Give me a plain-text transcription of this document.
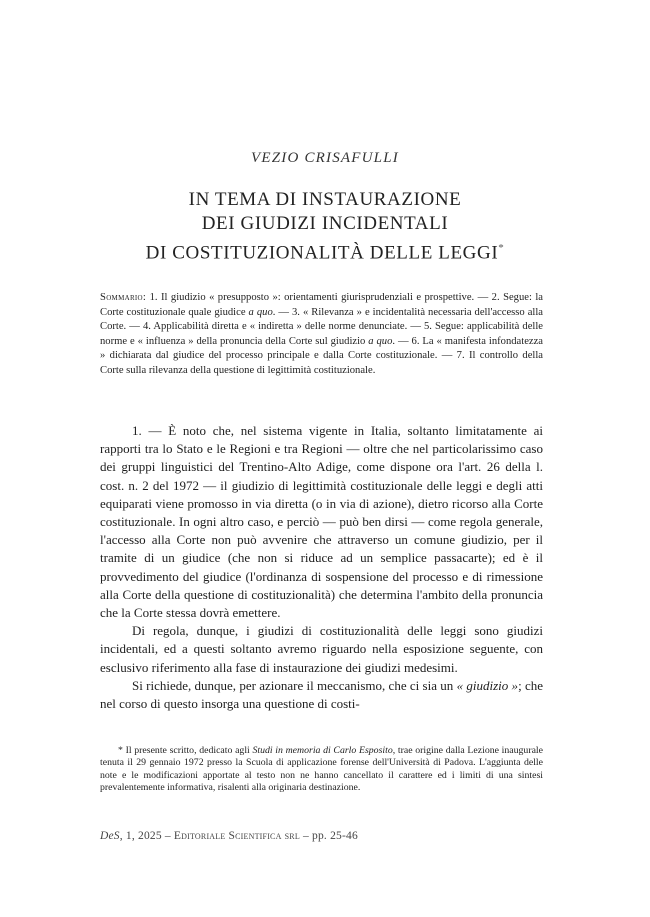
VEZIO CRISAFULLI
IN TEMA DI INSTAURAZIONE
DEI GIUDIZI INCIDENTALI
DI COSTITUZIONALITÀ DELLE LEGGI*
Sommario: 1. Il giudizio « presupposto »: orientamenti giurisprudenziali e prospettive. — 2. Segue: la Corte costituzionale quale giudice a quo. — 3. « Rilevanza » e incidentalità necessaria dell'accesso alla Corte. — 4. Applicabilità diretta e « indiretta » delle norme denunciate. — 5. Segue: applicabilità delle norme e « influenza » della pronuncia della Corte sul giudizio a quo. — 6. La « manifesta infondatezza » dichiarata dal giudice del processo principale e dalla Corte costituzionale. — 7. Il controllo della Corte sulla rilevanza della questione di legittimità costituzionale.

1. — È noto che, nel sistema vigente in Italia, soltanto limitatamente ai rapporti tra lo Stato e le Regioni e tra Regioni — oltre che nel particolarissimo caso dei gruppi linguistici del Trentino-Alto Adige, come dispone ora l'art. 26 della l. cost. n. 2 del 1972 — il giudizio di legittimità costituzionale delle leggi e degli atti equiparati viene promosso in via diretta (o in via di azione), dietro ricorso alla Corte costituzionale. In ogni altro caso, e perciò — può ben dirsi — come regola generale, l'accesso alla Corte non può avvenire che attraverso un comune giudizio, per il tramite di un giudice (che non si riduce ad un semplice passacarte); ed è il provvedimento del giudice (l'ordinanza di sospensione del processo e di rimessione alla Corte della questione di costituzionalità) che determina l'ambito della pronuncia che la Corte stessa dovrà emettere.

Di regola, dunque, i giudizi di costituzionalità delle leggi sono giudizi incidentali, ed a questi soltanto avremo riguardo nella esposizione seguente, con esclusivo riferimento alla fase di instaurazione dei giudizi medesimi.

Si richiede, dunque, per azionare il meccanismo, che ci sia un « giudizio »; che nel corso di questo insorga una questione di costi-

* Il presente scritto, dedicato agli Studi in memoria di Carlo Esposito, trae origine dalla Lezione inaugurale tenuta il 29 gennaio 1972 presso la Scuola di applicazione forense dell'Università di Padova. L'aggiunta delle note e le modificazioni apportate al testo non ne hanno cancellato il carattere ed i limiti di una sintesi prevalentemente informativa, risalenti alla originaria destinazione.
DeS, 1, 2025 – Editoriale Scientifica srl – pp. 25-46
